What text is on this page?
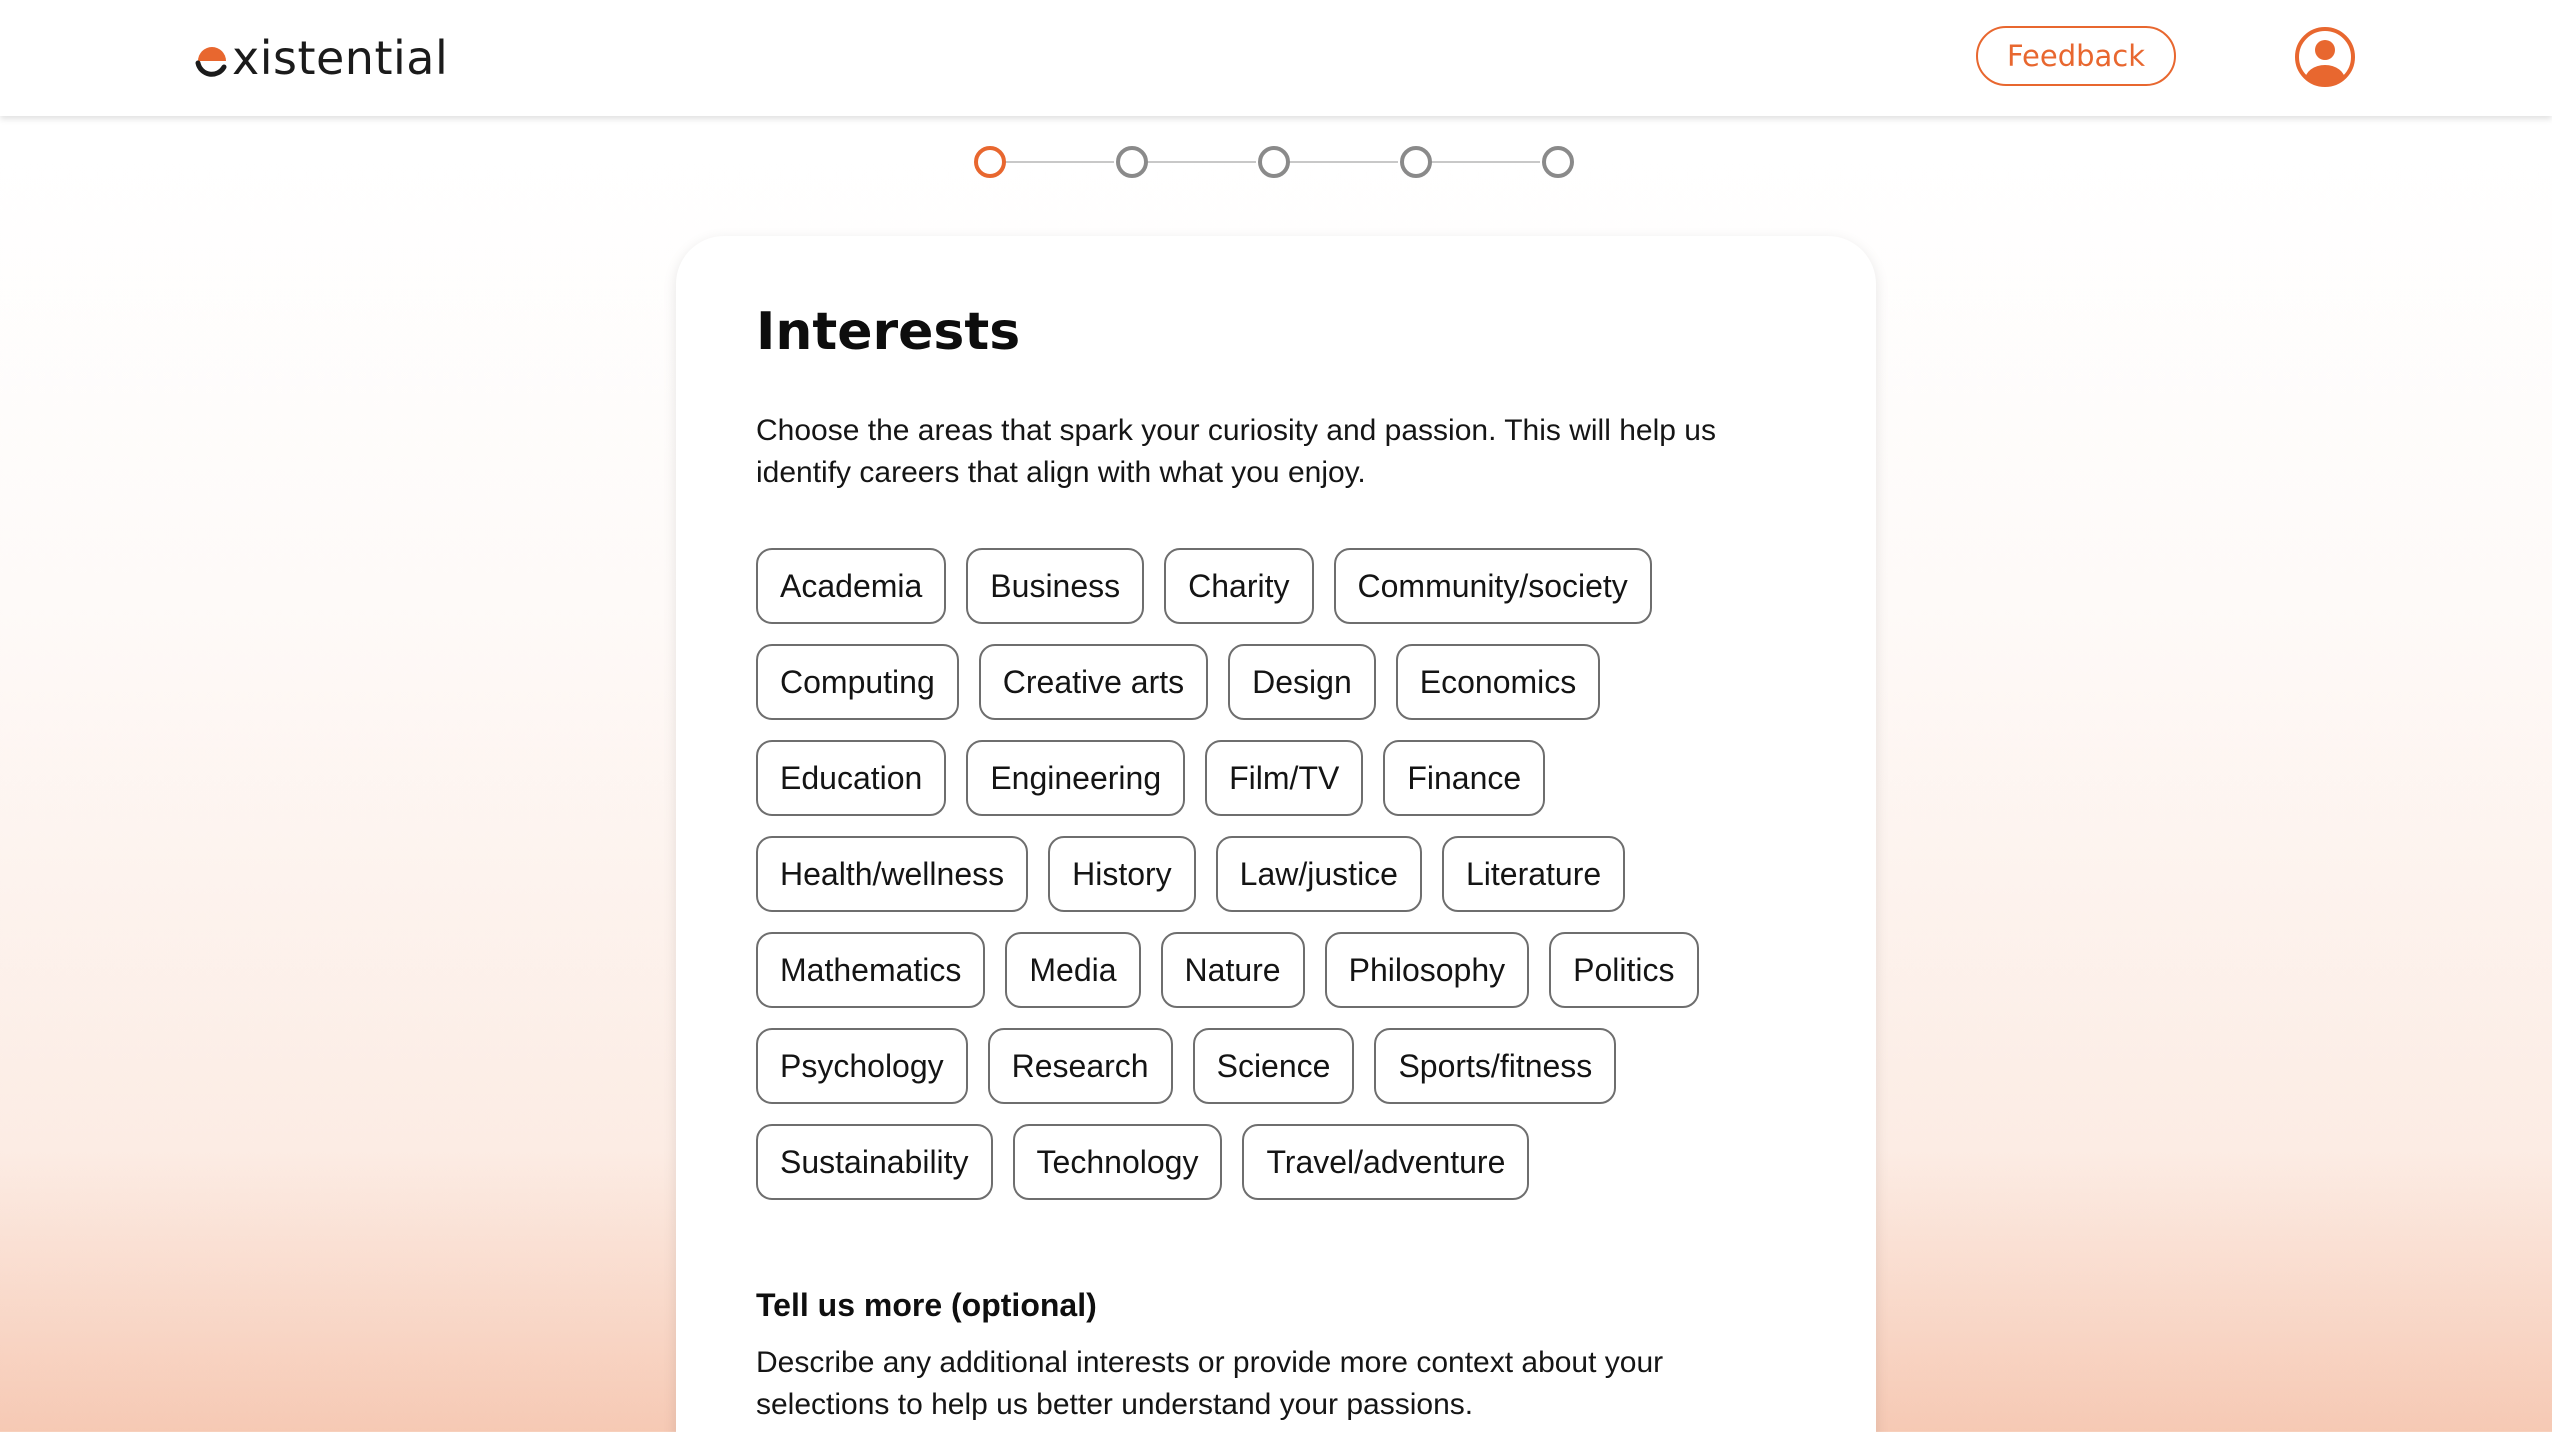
xistential	Feedback
Interests

Choose the areas that spark your curiosity and passion. This will help us identify careers that align with what you enjoy.

Academia	Business	Charity	Community/society
Computing	Creative arts	Design	Economics
Education	Engineering	Film/TV	Finance
Health/wellness	History	Law/justice	Literature
Mathematics	Media	Nature	Philosophy	Politics
Psychology	Research	Science	Sports/fitness
Sustainability	Technology	Travel/adventure
Tell us more (optional)

Describe any additional interests or provide more context about your selections to help us better understand your passions.
